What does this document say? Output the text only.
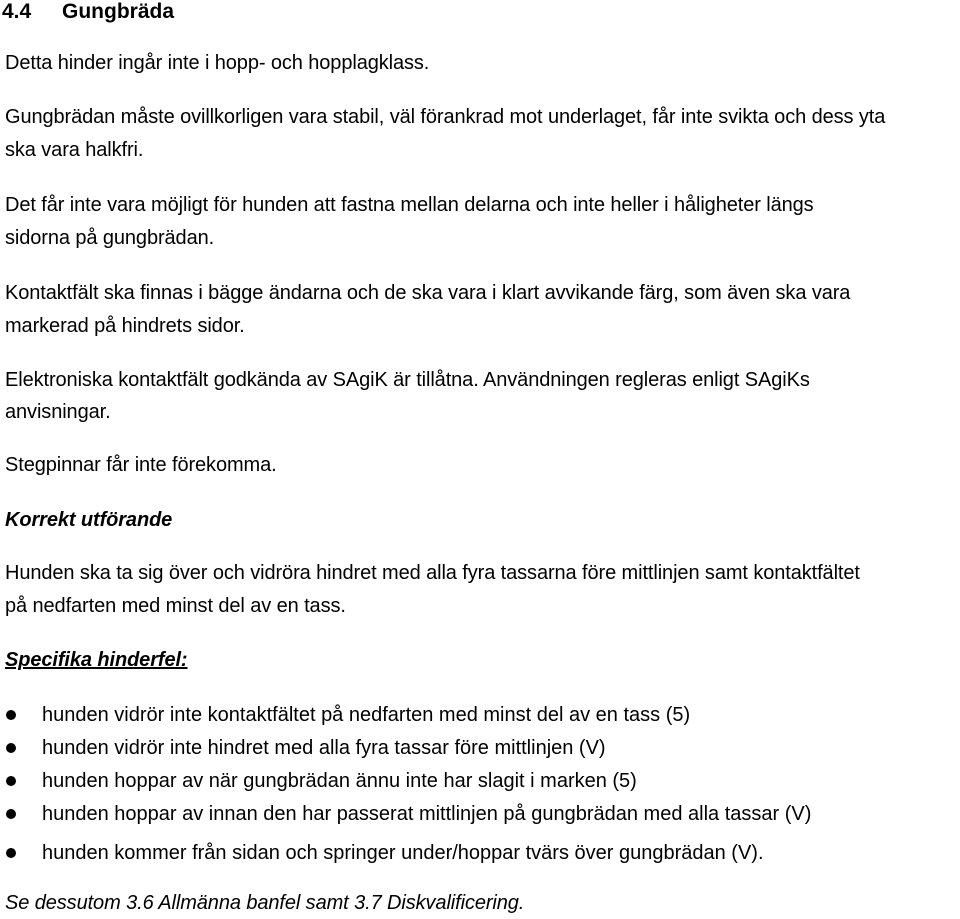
4.4 Gungbräda
Detta hinder ingår inte i hopp- och hopplagklass.
Gungbrädan måste ovillkorligen vara stabil, väl förankrad mot underlaget, får inte svikta och dess yta
ska vara halkfri.
Det får inte vara möjligt för hunden att fastna mellan delarna och inte heller i håligheter längs
sidorna på gungbrädan.
Kontaktfält ska finnas i bägge ändarna och de ska vara i klart avvikande färg, som även ska vara
markerad på hindrets sidor.
Elektroniska kontaktfält godkända av SAgiK är tillåtna. Användningen regleras enligt SAgiKs
anvisningar.
Stegpinnar får inte förekomma.
Korrekt utförande
Hunden ska ta sig över och vidröra hindret med alla fyra tassarna före mittlinjen samt kontaktfältet
på nedfarten med minst del av en tass.
Specifika hinderfel:
hunden vidrör inte kontaktfältet på nedfarten med minst del av en tass (5)
hunden vidrör inte hindret med alla fyra tassar före mittlinjen (V)
hunden hoppar av när gungbrädan ännu inte har slagit i marken (5)
hunden hoppar av innan den har passerat mittlinjen på gungbrädan med alla tassar (V)
hunden kommer från sidan och springer under/hoppar tvärs över gungbrädan (V).
Se dessutom 3.6 Allmänna banfel samt 3.7 Diskvalificering.
